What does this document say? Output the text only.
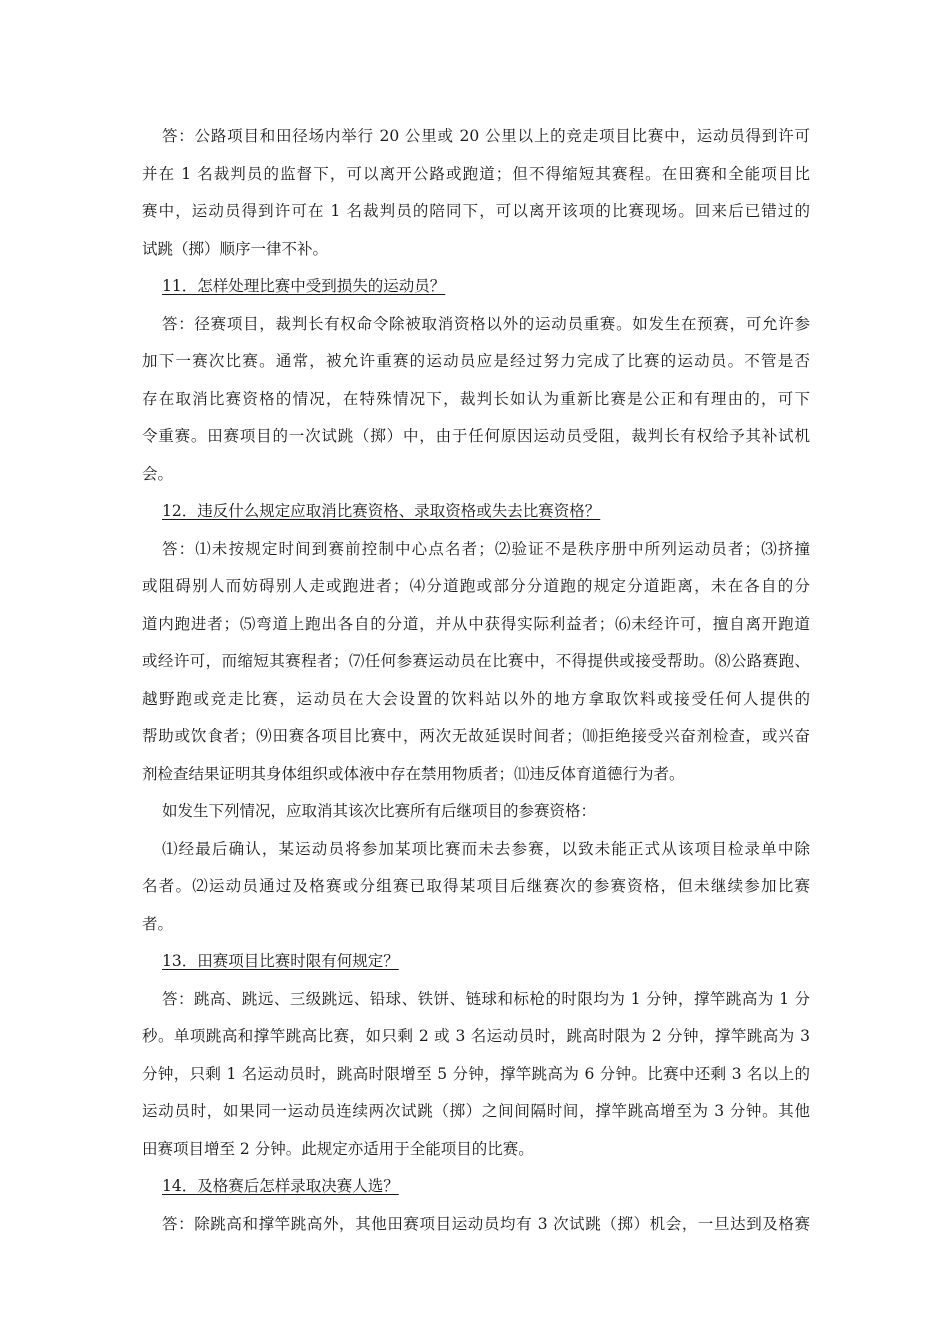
答：公路项目和田径场内举行 20 公里或 20 公里以上的竞走项目比赛中，运动员得到许可
并在 1 名裁判员的监督下，可以离开公路或跑道；但不得缩短其赛程。在田赛和全能项目比
赛中，运动员得到许可在 1 名裁判员的陪同下，可以离开该项的比赛现场。回来后已错过的
试跳（掷）顺序一律不补。
11．怎样处理比赛中受到损失的运动员？
答：径赛项目，裁判长有权命令除被取消资格以外的运动员重赛。如发生在预赛，可允许参
加下一赛次比赛。通常，被允许重赛的运动员应是经过努力完成了比赛的运动员。不管是否
存在取消比赛资格的情况，在特殊情况下，裁判长如认为重新比赛是公正和有理由的，可下
令重赛。田赛项目的一次试跳（掷）中，由于任何原因运动员受阻，裁判长有权给予其补试机
会。
12．违反什么规定应取消比赛资格、录取资格或失去比赛资格？
答：⑴未按规定时间到赛前控制中心点名者；⑵验证不是秩序册中所列运动员者；⑶挤撞
或阻碍别人而妨碍别人走或跑进者；⑷分道跑或部分分道跑的规定分道距离，未在各自的分
道内跑进者；⑸弯道上跑出各自的分道，并从中获得实际利益者；⑹未经许可，擅自离开跑道
或经许可，而缩短其赛程者；⑺任何参赛运动员在比赛中，不得提供或接受帮助。⑻公路赛跑、
越野跑或竞走比赛，运动员在大会设置的饮料站以外的地方拿取饮料或接受任何人提供的
帮助或饮食者；⑼田赛各项目比赛中，两次无故延误时间者；⑽拒绝接受兴奋剂检查，或兴奋
剂检查结果证明其身体组织或体液中存在禁用物质者；⑾违反体育道德行为者。
如发生下列情况，应取消其该次比赛所有后继项目的参赛资格：
⑴经最后确认，某运动员将参加某项比赛而未去参赛，以致未能正式从该项目检录单中除
名者。⑵运动员通过及格赛或分组赛已取得某项目后继赛次的参赛资格，但未继续参加比赛
者。
13．田赛项目比赛时限有何规定？
答：跳高、跳远、三级跳远、铅球、铁饼、链球和标枪的时限均为 1 分钟，撑竿跳高为 1 分
秒。单项跳高和撑竿跳高比赛，如只剩 2 或 3 名运动员时，跳高时限为 2 分钟，撑竿跳高为 3
分钟，只剩 1 名运动员时，跳高时限增至 5 分钟，撑竿跳高为 6 分钟。比赛中还剩 3 名以上的
运动员时，如果同一运动员连续两次试跳（掷）之间间隔时间，撑竿跳高增至为 3 分钟。其他
田赛项目增至 2 分钟。此规定亦适用于全能项目的比赛。
14．及格赛后怎样录取决赛人选？
答：除跳高和撑竿跳高外，其他田赛项目运动员均有 3 次试跳（掷）机会，一旦达到及格赛
